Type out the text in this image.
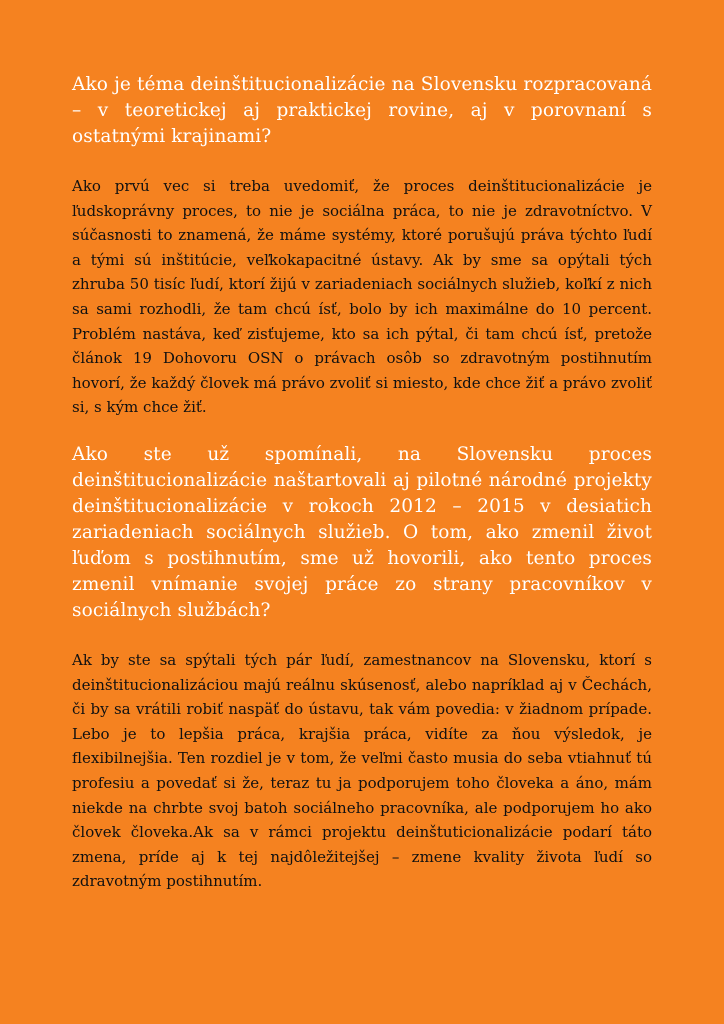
Ako je téma deinštitucionalizácie na Slovensku rozpracovaná – v teoretickej aj praktickej rovine, aj v porovnaní s ostatnými krajinami?

Ako prvú vec si treba uvedomiť, že proces deinštitucionalizácie je ľudskoprávny proces, to nie je sociálna práca, to nie je zdravotníctvo. V súčasnosti to znamená, že máme systémy, ktoré porušujú práva týchto ľudí a tými sú inštitúcie, veľkokapacitné ústavy. Ak by sme sa opýtali tých zhruba 50 tisíc ľudí, ktorí žijú v zariadeniach sociálnych služieb, koľkí z nich sa sami rozhodli, že tam chcú ísť, bolo by ich maximálne do 10 percent. Problém nastáva, keď zisťujeme, kto sa ich pýtal, či tam chcú ísť, pretože článok 19 Dohovoru OSN o právach osôb so zdravotným postihnutím hovorí, že každý človek má právo zvoliť si miesto, kde chce žiť a právo zvoliť si, s kým chce žiť.

Ako ste už spomínali, na Slovensku proces deinštitucionalizácie naštartovali aj pilotné národné projekty deinštitucionalizácie v rokoch 2012 – 2015 v desiatich zariadeniach sociálnych služieb. O tom, ako zmenil život ľuďom s postihnutím, sme už hovorili, ako tento proces zmenil vnímanie svojej práce zo strany pracovníkov v sociálnych službách?

Ak by ste sa spýtali tých pár ľudí, zamestnancov na Slovensku, ktorí s deinštitucionalizáciou majú reálnu skúsenosť, alebo napríklad aj v Čechách, či by sa vrátili robiť naspäť do ústavu, tak vám povedia: v žiadnom prípade. Lebo je to lepšia práca, krajšia práca, vidíte za ňou výsledok, je flexibilnejšia. Ten rozdiel je v tom, že veľmi často musia do seba vtiahnuť tú profesiu a povedať si že, teraz tu ja podporujem toho človeka a áno, mám niekde na chrbte svoj batoh sociálneho pracovníka, ale podporujem ho ako človek človeka.Ak sa v rámci projektu deinštuticionalizácie podarí táto zmena, príde aj k tej najdôležitejšej – zmene kvality života ľudí so zdravotným postihnutím.
